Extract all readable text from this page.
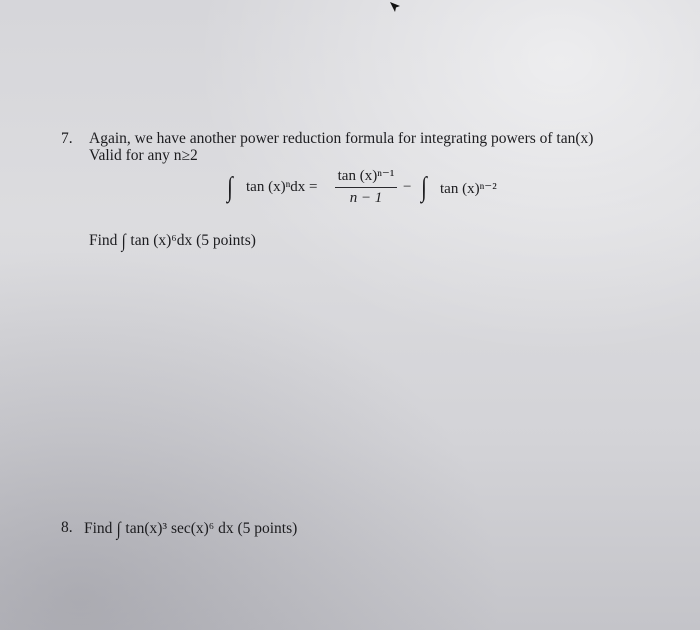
7. Again, we have another power reduction formula for integrating powers of tan(x)
Valid for any n≥2
∫ tan (x)ⁿdx =
tan (x)ⁿ⁻¹
n − 1
− ∫ tan (x)ⁿ⁻²
Find ∫ tan (x)⁶dx (5 points)
8. Find ∫ tan(x)³ sec(x)⁶ dx (5 points)
